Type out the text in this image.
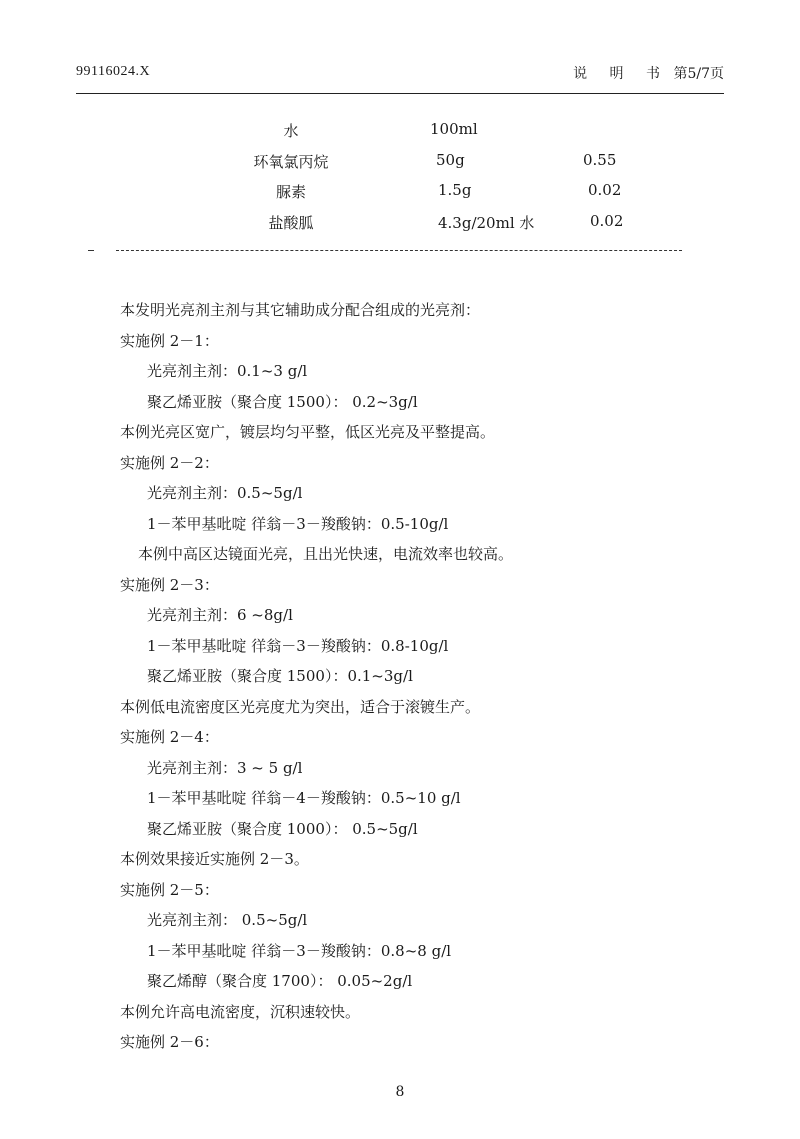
99116024.X	说 明 书 第5/7页
水	100ml
环氧氯丙烷	50g	0.55
脲素	1.5g	0.02
盐酸胍	4.3g/20ml 水	0.02
本发明光亮剂主剂与其它辅助成分配合组成的光亮剂：
实施例 2－1：
光亮剂主剂：0.1~3 g/l
聚乙烯亚胺（聚合度 1500）： 0.2~3g/l
本例光亮区宽广，镀层均匀平整，低区光亮及平整提高。
实施例 2－2：
光亮剂主剂：0.5~5g/l
1－苯甲基吡啶 徉翁－3－羧酸钠：0.5-10g/l
本例中高区达镜面光亮，且出光快速，电流效率也较高。
实施例 2－3：
光亮剂主剂：6 ~8g/l
1－苯甲基吡啶 徉翁－3－羧酸钠：0.8-10g/l
聚乙烯亚胺（聚合度 1500）：0.1~3g/l
本例低电流密度区光亮度尤为突出，适合于滚镀生产。
实施例 2－4：
光亮剂主剂：3 ~ 5 g/l
1－苯甲基吡啶 徉翁－4－羧酸钠：0.5~10 g/l
聚乙烯亚胺（聚合度 1000）： 0.5~5g/l
本例效果接近实施例 2－3。
实施例 2－5：
光亮剂主剂： 0.5~5g/l
1－苯甲基吡啶 徉翁－3－羧酸钠：0.8~8 g/l
聚乙烯醇（聚合度 1700）： 0.05~2g/l
本例允许高电流密度，沉积速较快。
实施例 2－6：
8
